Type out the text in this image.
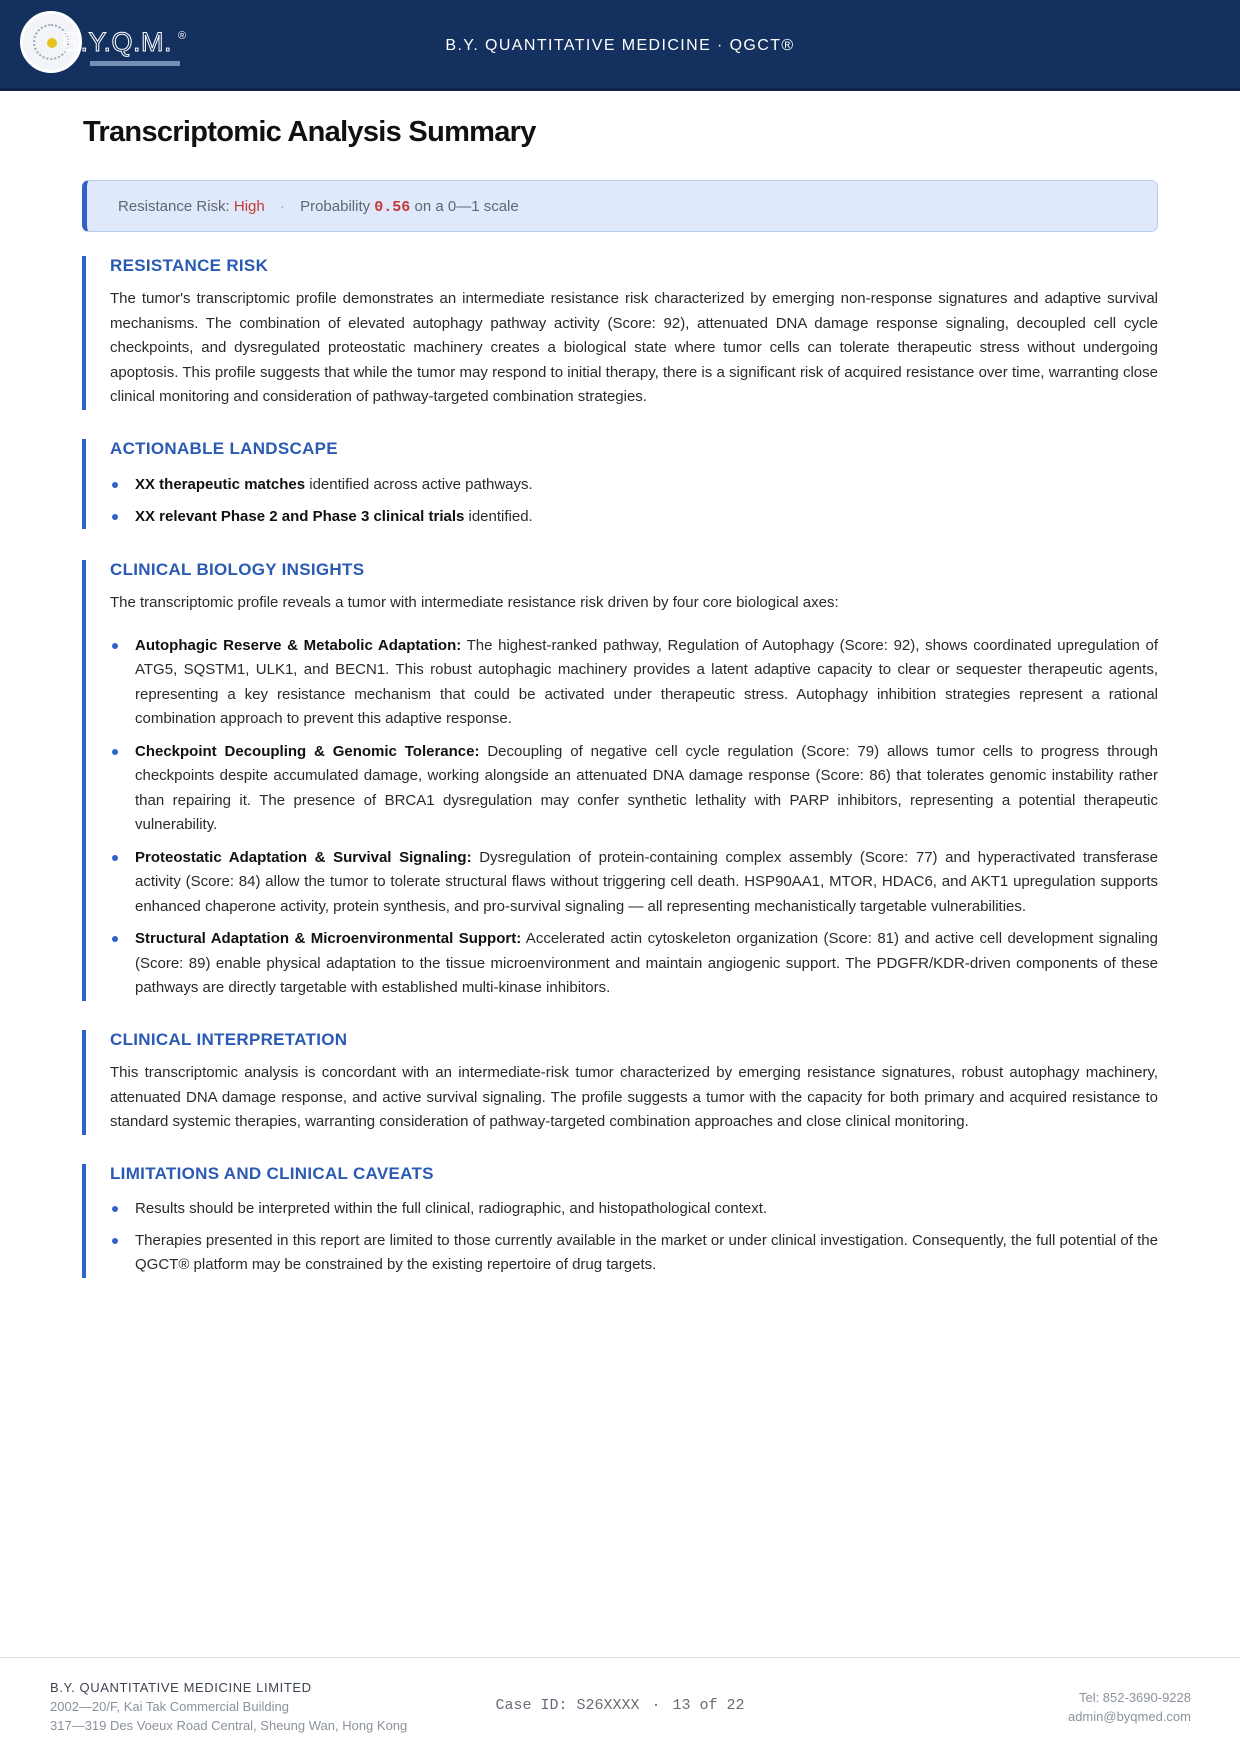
B.Y.Q.M. ®
B.Y. QUANTITATIVE MEDICINE · QGCT®
Transcriptomic Analysis Summary
Resistance Risk: High · Probability 0.56 on a 0—1 scale
RESISTANCE RISK

The tumor's transcriptomic profile demonstrates an intermediate resistance risk characterized by emerging non-response signatures and adaptive survival mechanisms. The combination of elevated autophagy pathway activity (Score: 92), attenuated DNA damage response signaling, decoupled cell cycle checkpoints, and dysregulated proteostatic machinery creates a biological state where tumor cells can tolerate therapeutic stress without undergoing apoptosis. This profile suggests that while the tumor may respond to initial therapy, there is a significant risk of acquired resistance over time, warranting close clinical monitoring and consideration of pathway-targeted combination strategies.

ACTIONABLE LANDSCAPE
XX therapeutic matches identified across active pathways.
XX relevant Phase 2 and Phase 3 clinical trials identified.
CLINICAL BIOLOGY INSIGHTS

The transcriptomic profile reveals a tumor with intermediate resistance risk driven by four core biological axes:

Autophagic Reserve & Metabolic Adaptation: The highest-ranked pathway, Regulation of Autophagy (Score: 92), shows coordinated upregulation of ATG5, SQSTM1, ULK1, and BECN1. This robust autophagic machinery provides a latent adaptive capacity to clear or sequester therapeutic agents, representing a key resistance mechanism that could be activated under therapeutic stress. Autophagy inhibition strategies represent a rational combination approach to prevent this adaptive response.
Checkpoint Decoupling & Genomic Tolerance: Decoupling of negative cell cycle regulation (Score: 79) allows tumor cells to progress through checkpoints despite accumulated damage, working alongside an attenuated DNA damage response (Score: 86) that tolerates genomic instability rather than repairing it. The presence of BRCA1 dysregulation may confer synthetic lethality with PARP inhibitors, representing a potential therapeutic vulnerability.
Proteostatic Adaptation & Survival Signaling: Dysregulation of protein-containing complex assembly (Score: 77) and hyperactivated transferase activity (Score: 84) allow the tumor to tolerate structural flaws without triggering cell death. HSP90AA1, MTOR, HDAC6, and AKT1 upregulation supports enhanced chaperone activity, protein synthesis, and pro-survival signaling — all representing mechanistically targetable vulnerabilities.
Structural Adaptation & Microenvironmental Support: Accelerated actin cytoskeleton organization (Score: 81) and active cell development signaling (Score: 89) enable physical adaptation to the tissue microenvironment and maintain angiogenic support. The PDGFR/KDR-driven components of these pathways are directly targetable with established multi-kinase inhibitors.
CLINICAL INTERPRETATION

This transcriptomic analysis is concordant with an intermediate-risk tumor characterized by emerging resistance signatures, robust autophagy machinery, attenuated DNA damage response, and active survival signaling. The profile suggests a tumor with the capacity for both primary and acquired resistance to standard systemic therapies, warranting consideration of pathway-targeted combination approaches and close clinical monitoring.

LIMITATIONS AND CLINICAL CAVEATS
Results should be interpreted within the full clinical, radiographic, and histopathological context.
Therapies presented in this report are limited to those currently available in the market or under clinical investigation. Consequently, the full potential of the QGCT® platform may be constrained by the existing repertoire of drug targets.
B.Y. QUANTITATIVE MEDICINE LIMITED
2002—20/F, Kai Tak Commercial Building
317—319 Des Voeux Road Central, Sheung Wan, Hong Kong
Case ID: S26XXXX · 13 of 22	Tel: 852-3690-9228
admin@byqmed.com
